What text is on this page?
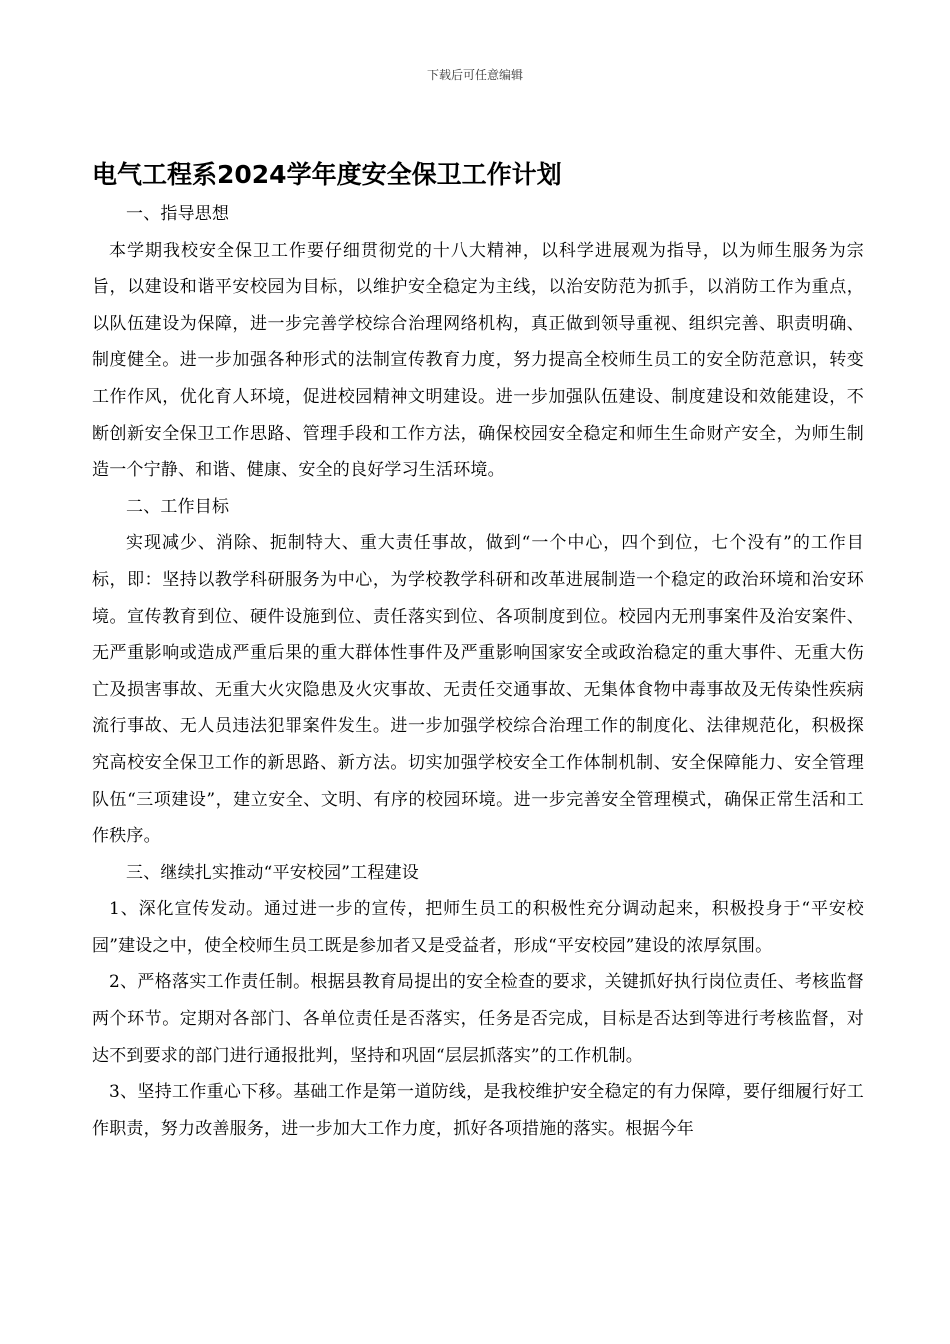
下载后可任意编辑
电气工程系2024学年度安全保卫工作计划

一、指导思想

本学期我校安全保卫工作要仔细贯彻党的十八大精神，以科学进展观为指导，以为师生服务为宗旨，以建设和谐平安校园为目标，以维护安全稳定为主线，以治安防范为抓手，以消防工作为重点，以队伍建设为保障，进一步完善学校综合治理网络机构，真正做到领导重视、组织完善、职责明确、制度健全。进一步加强各种形式的法制宣传教育力度，努力提高全校师生员工的安全防范意识，转变工作作风，优化育人环境，促进校园精神文明建设。进一步加强队伍建设、制度建设和效能建设，不断创新安全保卫工作思路、管理手段和工作方法，确保校园安全稳定和师生生命财产安全，为师生制造一个宁静、和谐、健康、安全的良好学习生活环境。

二、工作目标

实现减少、消除、扼制特大、重大责任事故，做到“一个中心，四个到位，七个没有”的工作目标，即：坚持以教学科研服务为中心，为学校教学科研和改革进展制造一个稳定的政治环境和治安环境。宣传教育到位、硬件设施到位、责任落实到位、各项制度到位。校园内无刑事案件及治安案件、无严重影响或造成严重后果的重大群体性事件及严重影响国家安全或政治稳定的重大事件、无重大伤亡及损害事故、无重大火灾隐患及火灾事故、无责任交通事故、无集体食物中毒事故及无传染性疾病流行事故、无人员违法犯罪案件发生。进一步加强学校综合治理工作的制度化、法律规范化，积极探究高校安全保卫工作的新思路、新方法。切实加强学校安全工作体制机制、安全保障能力、安全管理队伍“三项建设”，建立安全、文明、有序的校园环境。进一步完善安全管理模式，确保正常生活和工作秩序。

三、继续扎实推动“平安校园”工程建设

1、深化宣传发动。通过进一步的宣传，把师生员工的积极性充分调动起来，积极投身于“平安校园”建设之中，使全校师生员工既是参加者又是受益者，形成“平安校园”建设的浓厚氛围。

2、严格落实工作责任制。根据县教育局提出的安全检查的要求，关键抓好执行岗位责任、考核监督两个环节。定期对各部门、各单位责任是否落实，任务是否完成，目标是否达到等进行考核监督，对达不到要求的部门进行通报批判，坚持和巩固“层层抓落实”的工作机制。

3、坚持工作重心下移。基础工作是第一道防线，是我校维护安全稳定的有力保障，要仔细履行好工作职责，努力改善服务，进一步加大工作力度，抓好各项措施的落实。根据今年
